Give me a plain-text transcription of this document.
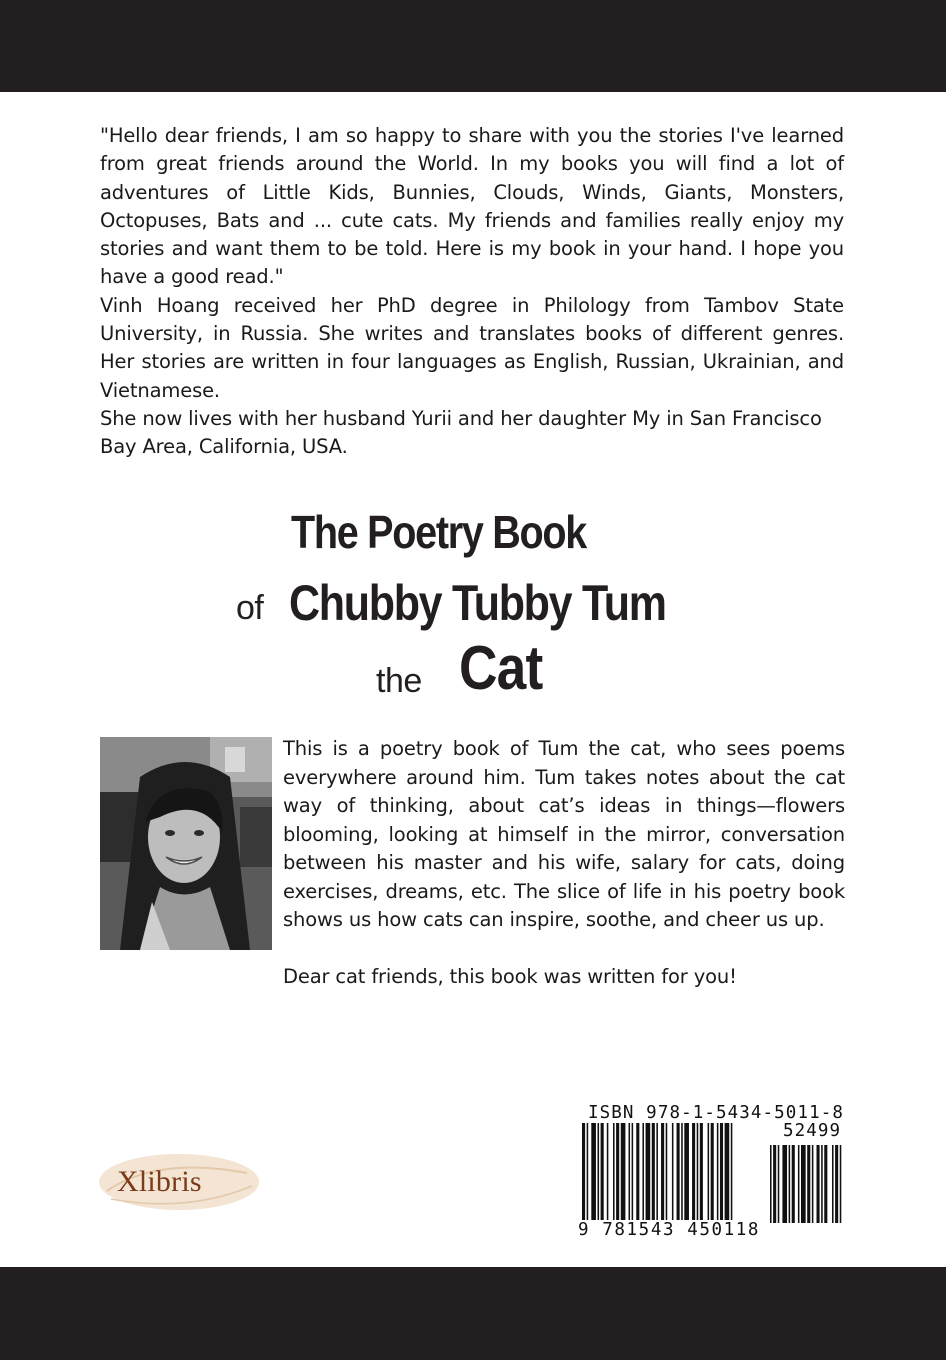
"Hello dear friends, I am so happy to share with you the stories I've learned from great friends around the World. In my books you will find a lot of adventures of Little Kids, Bunnies, Clouds, Winds, Giants, Monsters, Octopuses, Bats and ... cute cats. My friends and families really enjoy my stories and want them to be told. Here is my book in your hand. I hope you have a good read."

Vinh Hoang received her PhD degree in Philology from Tambov State University, in Russia. She writes and translates books of different genres. Her stories are written in four languages as English, Russian, Ukrainian, and Vietnamese.

She now lives with her husband Yurii and her daughter My in San Francisco Bay Area, California, USA.

The Poetry Book
of Chubby Tubby Tum
the Cat

This is a poetry book of Tum the cat, who sees poems everywhere around him. Tum takes notes about the cat way of thinking, about cat’s ideas in things—flowers blooming, looking at himself in the mirror, conversation between his master and his wife, salary for cats, doing exercises, dreams, etc. The slice of life in his poetry book shows us how cats can inspire, soothe, and cheer us up.

Dear cat friends, this book was written for you!

Xlibris
ISBN 978-1-5434-5011-8
52499
9 781543 450118
